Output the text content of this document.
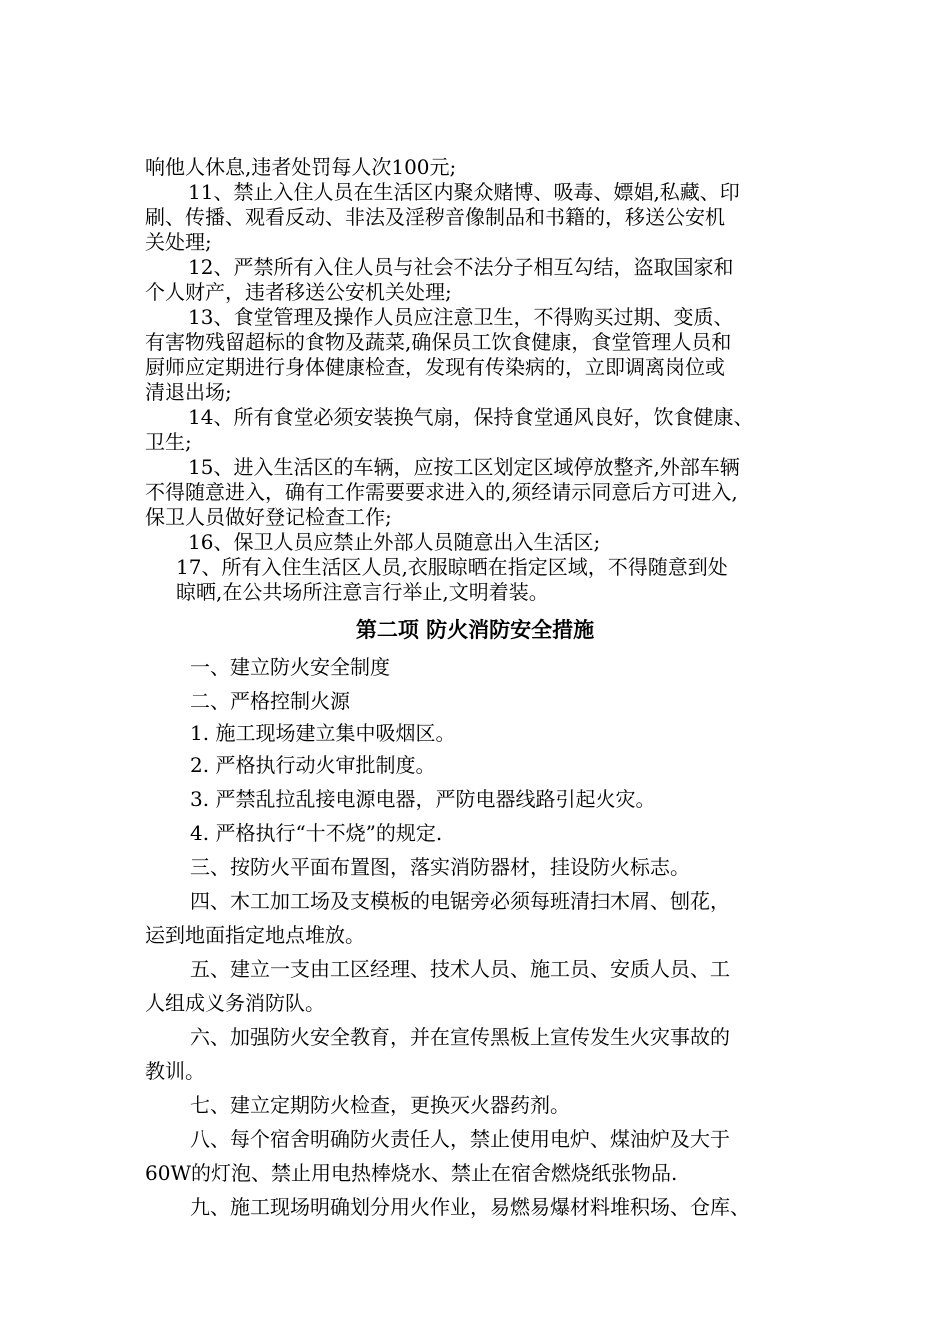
响他人休息,违者处罚每人次100元;
11、禁止入住人员在生活区内聚众赌博、吸毒、嫖娼,私藏、印
刷、传播、观看反动、非法及淫秽音像制品和书籍的，移送公安机
关处理;
12、严禁所有入住人员与社会不法分子相互勾结，盗取国家和
个人财产，违者移送公安机关处理;
13、食堂管理及操作人员应注意卫生，不得购买过期、变质、
有害物残留超标的食物及蔬菜,确保员工饮食健康，食堂管理人员和
厨师应定期进行身体健康检查，发现有传染病的，立即调离岗位或
清退出场;
14、所有食堂必须安装换气扇，保持食堂通风良好，饮食健康、
卫生;
15、进入生活区的车辆，应按工区划定区域停放整齐,外部车辆
不得随意进入，确有工作需要要求进入的,须经请示同意后方可进入,
保卫人员做好登记检查工作;
16、保卫人员应禁止外部人员随意出入生活区;
17、所有入住生活区人员,衣服晾晒在指定区域，不得随意到处
晾晒,在公共场所注意言行举止,文明着装。
第二项 防火消防安全措施
一、建立防火安全制度
二、严格控制火源
1. 施工现场建立集中吸烟区。
2. 严格执行动火审批制度。
3. 严禁乱拉乱接电源电器，严防电器线路引起火灾。
4. 严格执行“十不烧”的规定.
三、按防火平面布置图，落实消防器材，挂设防火标志。
四、木工加工场及支模板的电锯旁必须每班清扫木屑、刨花，
运到地面指定地点堆放。
五、建立一支由工区经理、技术人员、施工员、安质人员、工
人组成义务消防队。
六、加强防火安全教育，并在宣传黑板上宣传发生火灾事故的
教训。
七、建立定期防火检查，更换灭火器药剂。
八、每个宿舍明确防火责任人，禁止使用电炉、煤油炉及大于
60W的灯泡、禁止用电热棒烧水、禁止在宿舍燃烧纸张物品.
九、施工现场明确划分用火作业，易燃易爆材料堆积场、仓库、
